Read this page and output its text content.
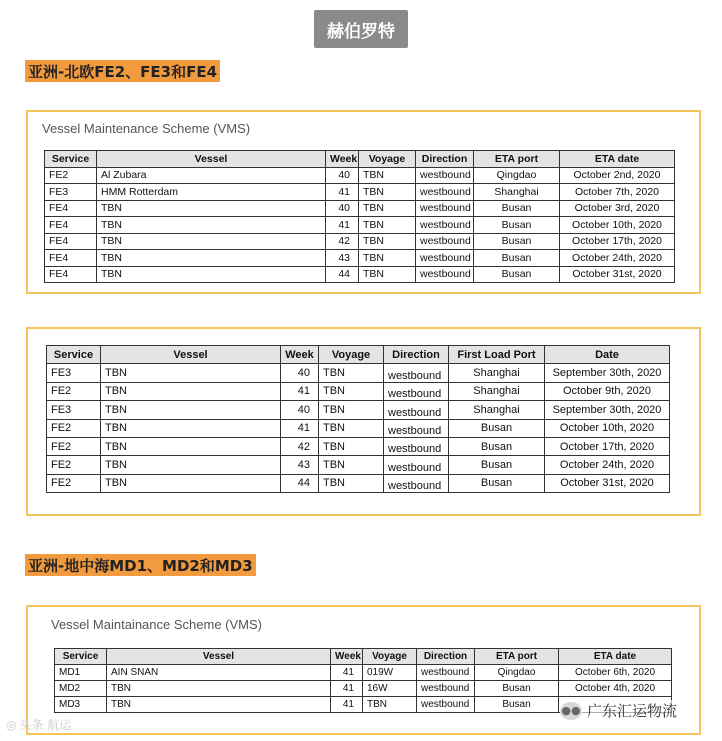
赫伯罗特
亚洲-北欧FE2、FE3和FE4
Vessel Maintenance Scheme (VMS)
Service	Vessel	Week	Voyage	Direction	ETA port	ETA date
FE2	Al Zubara	40	TBN	westbound	Qingdao	October 2nd, 2020
FE3	HMM Rotterdam	41	TBN	westbound	Shanghai	October 7th, 2020
FE4	TBN	40	TBN	westbound	Busan	October 3rd, 2020
FE4	TBN	41	TBN	westbound	Busan	October 10th, 2020
FE4	TBN	42	TBN	westbound	Busan	October 17th, 2020
FE4	TBN	43	TBN	westbound	Busan	October 24th, 2020
FE4	TBN	44	TBN	westbound	Busan	October 31st, 2020
Service	Vessel	Week	Voyage	Direction	First Load Port	Date
FE3	TBN	40	TBN	westbound	Shanghai	September 30th, 2020
FE2	TBN	41	TBN	westbound	Shanghai	October 9th, 2020
FE3	TBN	40	TBN	westbound	Shanghai	September 30th, 2020
FE2	TBN	41	TBN	westbound	Busan	October 10th, 2020
FE2	TBN	42	TBN	westbound	Busan	October 17th, 2020
FE2	TBN	43	TBN	westbound	Busan	October 24th, 2020
FE2	TBN	44	TBN	westbound	Busan	October 31st, 2020
亚洲-地中海MD1、MD2和MD3
Vessel Maintainance Scheme (VMS)
Service	Vessel	Week	Voyage	Direction	ETA port	ETA date
MD1	AIN SNAN	41	019W	westbound	Qingdao	October 6th, 2020
MD2	TBN	41	16W	westbound	Busan	October 4th, 2020
MD3	TBN	41	TBN	westbound	Busan	
◎ 头条 航运
●● 广东汇运物流
